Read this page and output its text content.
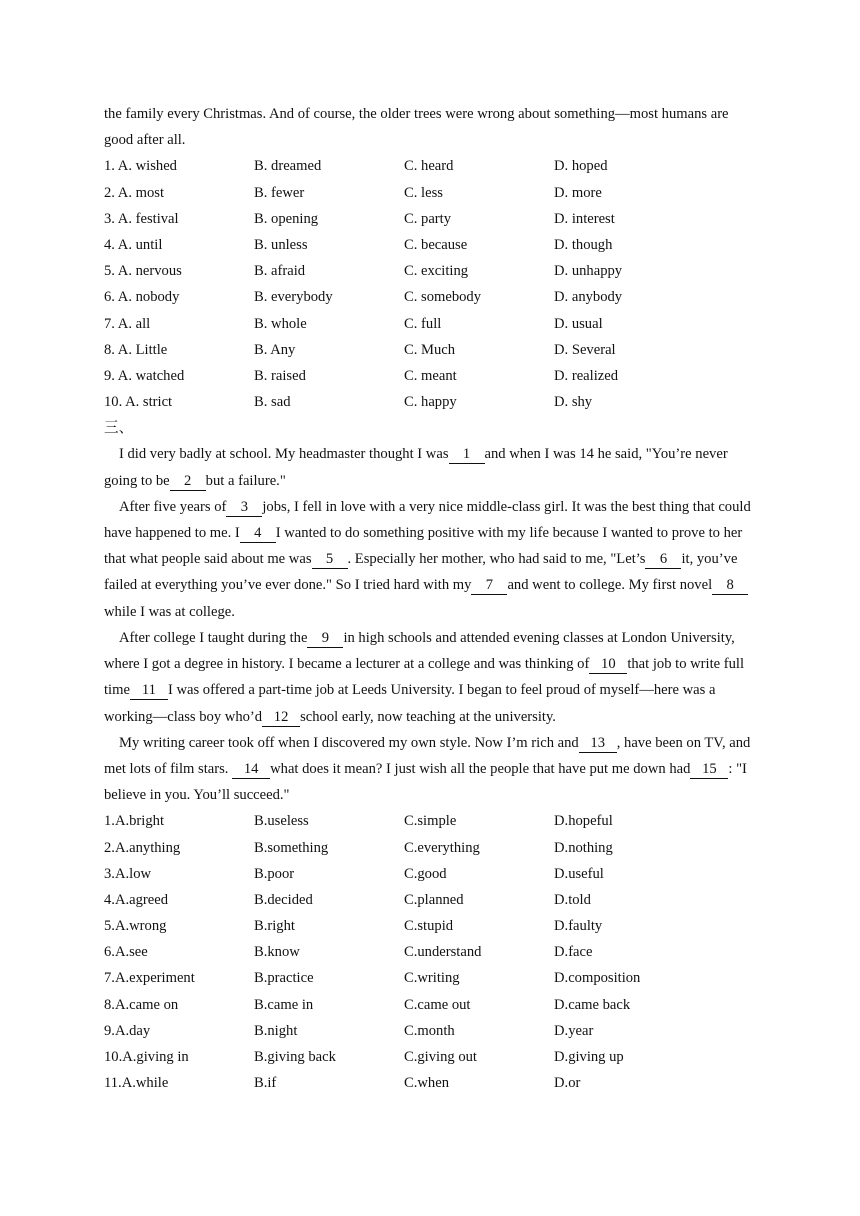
the family every Christmas. And of course, the older trees were wrong about something—most humans are

good after all.

1. A. wished	B. dreamed	C. heard	D. hoped
2. A. most	B. fewer	C. less	D. more
3. A. festival	B. opening	C. party	D. interest
4. A. until	B. unless	C. because	D. though
5. A. nervous	B. afraid	C. exciting	D. unhappy
6. A. nobody	B. everybody	C. somebody	D. anybody
7. A. all	B. whole	C. full	D. usual
8. A. Little	B. Any	C. Much	D. Several
9. A. watched	B. raised	C. meant	D. realized
10. A. strict	B. sad	C. happy	D. shy

三、

I did very badly at school. My headmaster thought I was 1 and when I was 14 he said, "You’re never going to be 2 but a failure."

After five years of 3 jobs, I fell in love with a very nice middle-class girl. It was the best thing that could have happened to me. I 4 I wanted to do something positive with my life because I wanted to prove to her that what people said about me was 5 . Especially her mother, who had said to me, "Let’s 6 it, you’ve failed at everything you’ve ever done." So I tried hard with my 7 and went to college. My first novel 8while I was at college.

After college I taught during the 9 in high schools and attended evening classes at London University, where I got a degree in history. I became a lecturer at a college and was thinking of 10 that job to write full time 11 I was offered a part-time job at Leeds University. I began to feel proud of myself—here was a working—class boy who’d 12 school early, now teaching at the university.

My writing career took off when I discovered my own style. Now I’m rich and 13 , have been on TV, and met lots of film stars. 14 what does it mean? I just wish all the people that have put me down had 15 : "I believe in you. You’ll succeed."

1.A.bright	B.useless	C.simple	D.hopeful
2.A.anything	B.something	C.everything	D.nothing
3.A.low	B.poor	C.good	D.useful
4.A.agreed	B.decided	C.planned	D.told
5.A.wrong	B.right	C.stupid	D.faulty
6.A.see	B.know	C.understand	D.face
7.A.experiment	B.practice	C.writing	D.composition
8.A.came on	B.came in	C.came out	D.came back
9.A.day	B.night	C.month	D.year
10.A.giving in	B.giving back	C.giving out	D.giving up
11.A.while	B.if	C.when	D.or
